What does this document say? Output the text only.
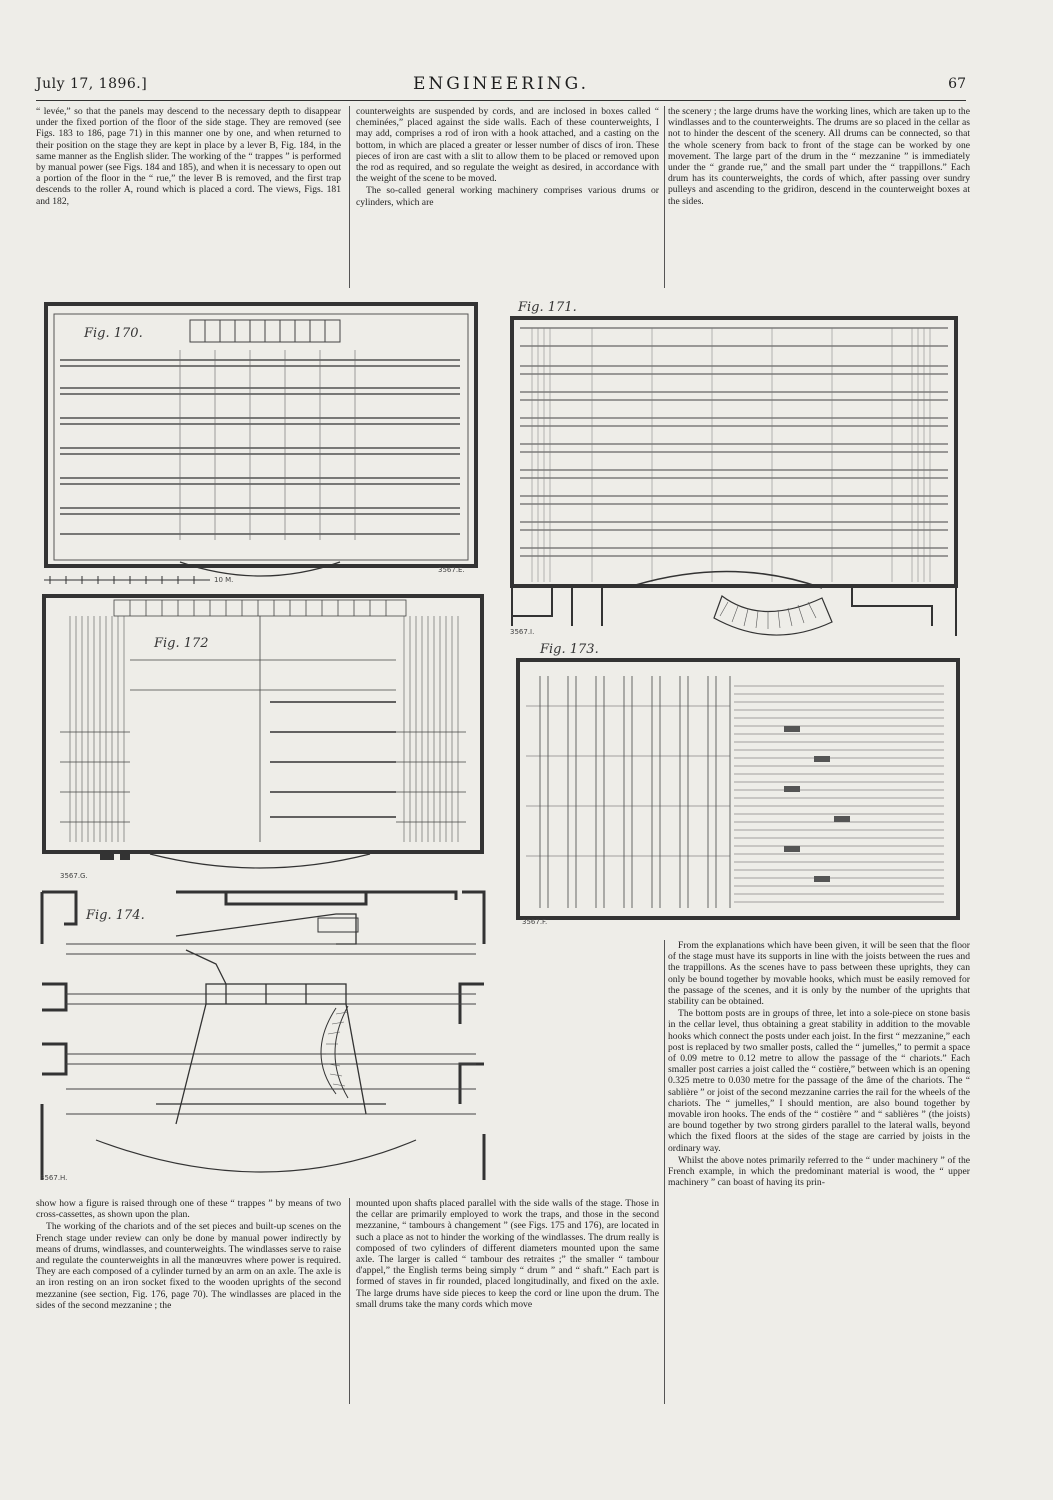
July 17, 1896.]	ENGINEERING.	67

“ levée,” so that the panels may descend to the necessary depth to disappear under the fixed portion of the floor of the side stage. They are removed (see Figs. 183 to 186, page 71) in this manner one by one, and when returned to their position on the stage they are kept in place by a lever B, Fig. 184, in the same manner as the English slider. The working of the “ trappes ” is performed by manual power (see Figs. 184 and 185), and when it is necessary to open out a portion of the floor in the “ rue,” the lever B is removed, and the first trap descends to the roller A, round which is placed a cord. The views, Figs. 181 and 182,

counterweights are suspended by cords, and are inclosed in boxes called “ cheminées,” placed against the side walls. Each of these counterweights, I may add, comprises a rod of iron with a hook attached, and a casting on the bottom, in which are placed a greater or lesser number of discs of iron. These pieces of iron are cast with a slit to allow them to be placed or removed upon the rod as required, and so regulate the weight as desired, in accordance with the weight of the scene to be moved.

The so-called general working machinery comprises various drums or cylinders, which are

the scenery ; the large drums have the working lines, which are taken up to the windlasses and to the counterweights. The drums are so placed in the cellar as not to hinder the descent of the scenery. All drums can be connected, so that the whole scenery from back to front of the stage can be worked by one movement. The large part of the drum in the “ mezzanine ” is immediately under the “ grande rue,” and the small part under the “ trappillons.” Each drum has its counterweights, the cords of which, after passing over sundry pulleys and ascending to the gridiron, descend in the counterweight boxes at the sides.

Fig. 170.
3567.E.
10 M.
Fig. 171.
3567.I.
Fig. 172
3567.G.
Fig. 173.
3567.F.
Fig. 174.
3567.H.

From the explanations which have been given, it will be seen that the floor of the stage must have its supports in line with the joists between the rues and the trappillons. As the scenes have to pass between these uprights, they can only be bound together by movable hooks, which must be easily removed for the passage of the scenes, and it is only by the number of the uprights that stability can be obtained.

The bottom posts are in groups of three, let into a sole-piece on stone basis in the cellar level, thus obtaining a great stability in addition to the movable hooks which connect the posts under each joist. In the first “ mezzanine,” each post is replaced by two smaller posts, called the “ jumelles,” to permit a space of 0.09 metre to 0.12 metre to allow the passage of the “ chariots.” Each smaller post carries a joist called the “ costière,” between which is an opening 0.325 metre to 0.030 metre for the passage of the âme of the chariots. The “ sablière ” or joist of the second mezzanine carries the rail for the wheels of the chariots. The “ jumelles,” I should mention, are also bound together by movable iron hooks. The ends of the “ costière ” and “ sablières ” (the joists) are bound together by two strong girders parallel to the lateral walls, beyond which the fixed floors at the sides of the stage are carried by joists in the ordinary way.

Whilst the above notes primarily referred to the “ under machinery ” of the French example, in which the predominant material is wood, the “ upper machinery ” can boast of having its prin-

show how a figure is raised through one of these “ trappes ” by means of two cross-cassettes, as shown upon the plan.

The working of the chariots and of the set pieces and built-up scenes on the French stage under review can only be done by manual power indirectly by means of drums, windlasses, and counterweights. The windlasses serve to raise and regulate the counterweights in all the manœuvres where power is required. They are each composed of a cylinder turned by an arm on an axle. The axle is an iron resting on an iron socket fixed to the wooden uprights of the second mezzanine (see section, Fig. 176, page 70). The windlasses are placed in the sides of the second mezzanine ; the

mounted upon shafts placed parallel with the side walls of the stage. Those in the cellar are primarily employed to work the traps, and those in the second mezzanine, “ tambours à changement ” (see Figs. 175 and 176), are located in such a place as not to hinder the working of the windlasses. The drum really is composed of two cylinders of different diameters mounted upon the same axle. The larger is called “ tambour des retraites ;” the smaller “ tambour d'appel,” the English terms being simply “ drum ” and “ shaft.” Each part is formed of staves in fir rounded, placed longitudinally, and fixed on the axle. The large drums have side pieces to keep the cord or line upon the drum. The small drums take the many cords which move
